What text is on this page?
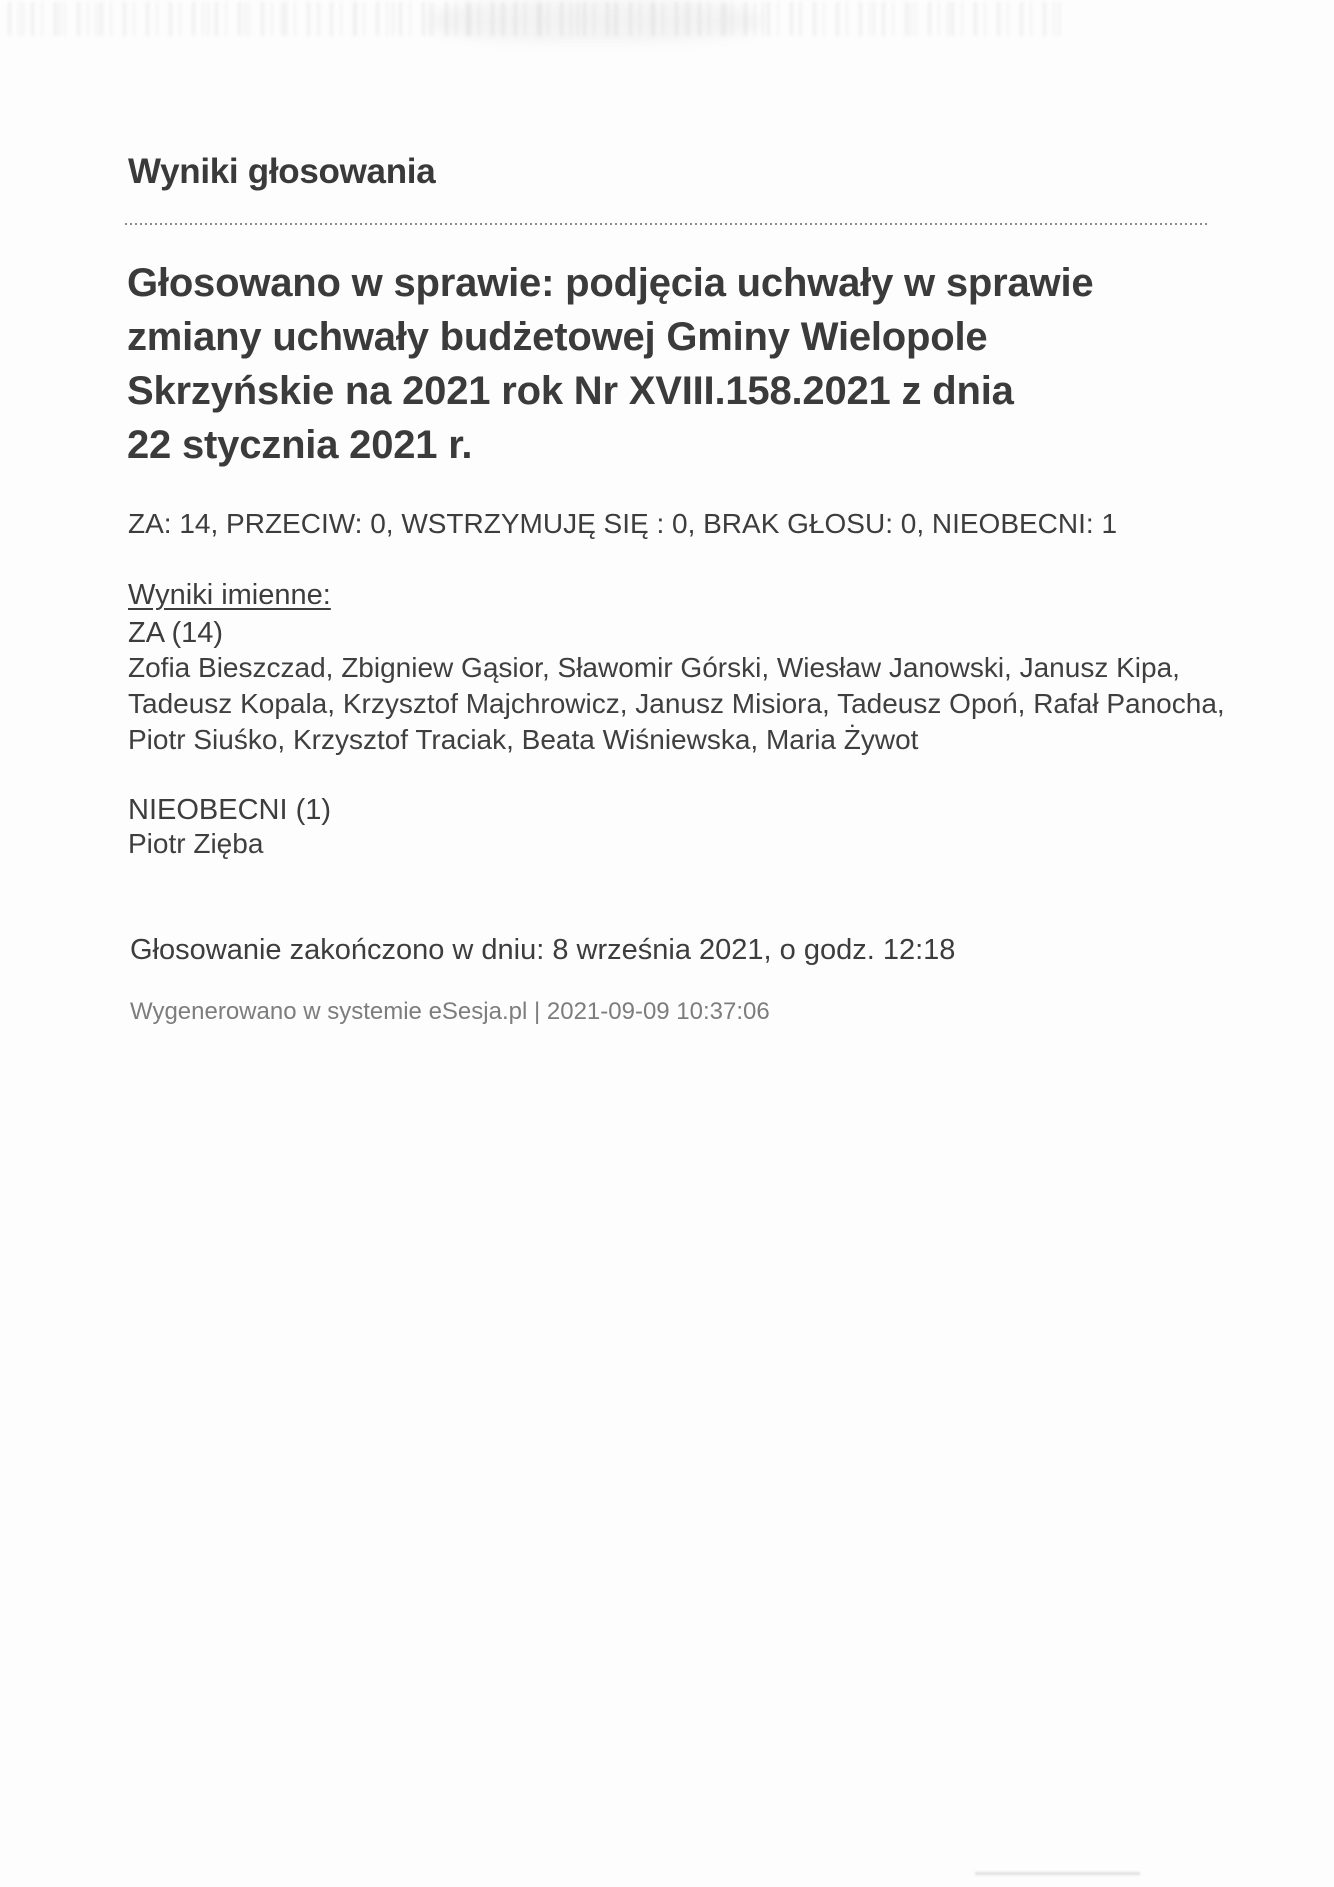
Wyniki głosowania
Głosowano w sprawie: podjęcia uchwały w sprawie
zmiany uchwały budżetowej Gminy Wielopole
Skrzyńskie na 2021 rok Nr XVIII.158.2021 z dnia
22 stycznia 2021 r.
ZA: 14, PRZECIW: 0, WSTRZYMUJĘ SIĘ : 0, BRAK GŁOSU: 0, NIEOBECNI: 1
Wyniki imienne:
ZA (14)
Zofia Bieszczad, Zbigniew Gąsior, Sławomir Górski, Wiesław Janowski, Janusz Kipa,
Tadeusz Kopala, Krzysztof Majchrowicz, Janusz Misiora, Tadeusz Opoń, Rafał Panocha,
Piotr Siuśko, Krzysztof Traciak, Beata Wiśniewska, Maria Żywot
NIEOBECNI (1)
Piotr Zięba
Głosowanie zakończono w dniu: 8 września 2021, o godz. 12:18
Wygenerowano w systemie eSesja.pl | 2021-09-09 10:37:06
